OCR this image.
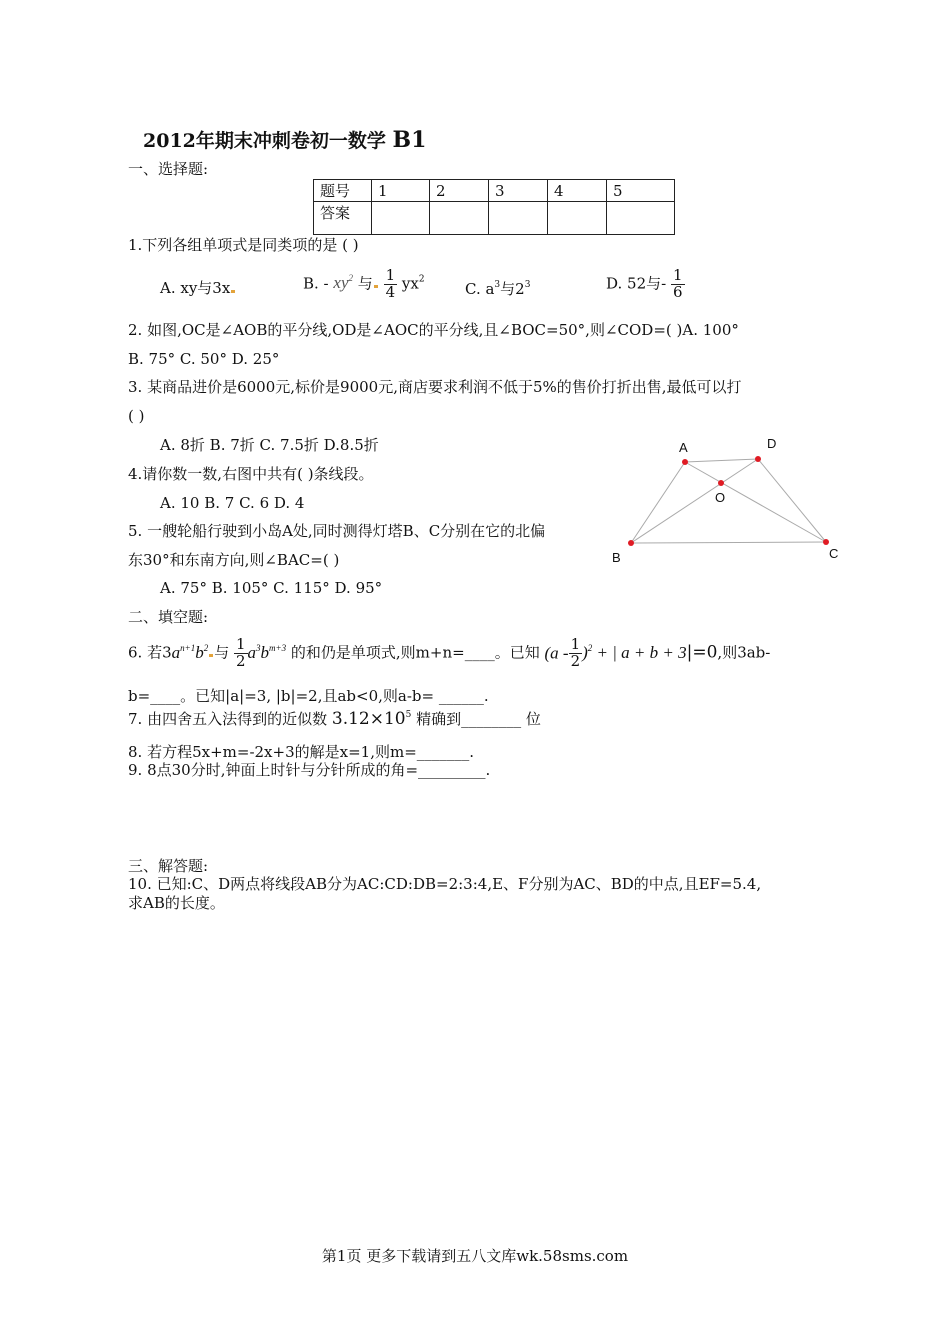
2012年期末冲刺卷初一数学 B1
一、选择题:
题号	1	2	3	4	5
答案					
1.下列各组单项式是同类项的是 ( )
A. xy与3x	B. - $xy^2$ 与 $\frac{1}{4} yx^2$
C. $a^3$与$2^3$	D. 52与- $\frac{1}{6}$
2. 如图,OC是∠AOB的平分线,OD是∠AOC的平分线,且∠BOC=50°,则∠COD=( )A. 100°
B. 75° C. 50° D. 25°
3. 某商品进价是6000元,标价是9000元,商店要求利润不低于5%的售价打折出售,最低可以打
( )
A. 8折 B. 7折 C. 7.5折 D.8.5折
4.请你数一数,右图中共有( )条线段。
A. 10 B. 7 C. 6 D. 4
5. 一艘轮船行驶到小岛A处,同时测得灯塔B、C分别在它的北偏
东30°和东南方向,则∠BAC=( )
A. 75° B. 105° C. 115° D. 95°
A	D
O
B	C
二、填空题:
6. 若$3a^{n+1}b^2$ 与 $\frac{1}{2} a^3b^{m+3}$ 的和仍是单项式,则m+n=____。已知 $(a - \frac{1}{2} )^2$ + | a + b + 3|=0,则3ab-
b=____。已知|a|=3, |b|=2,且ab<0,则a-b= ______.
7. 由四舍五入法得到的近似数 $3.12\times 10^5$ 精确到________ 位
8. 若方程5x+m=-2x+3的解是x=1,则m=_______.
9. 8点30分时,钟面上时针与分针所成的角=_________.
三、解答题:
10. 已知:C、D两点将线段AB分为AC:CD:DB=2:3:4,E、F分别为AC、BD的中点,且EF=5.4,
求AB的长度。
第1页 更多下载请到五八文库wk.58sms.com
